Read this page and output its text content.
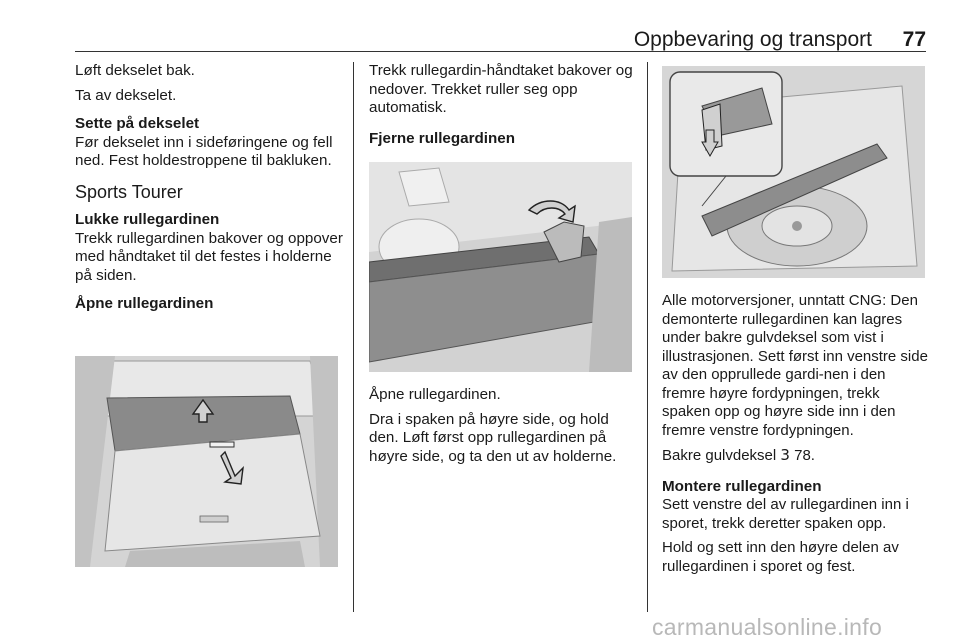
Oppbevaring og transport	77

Løft dekselet bak.

Ta av dekselet.

Sette på dekselet

Før dekselet inn i sideføringene og fell ned. Fest holdestroppene til bakluken.

Sports Tourer
Lukke rullegardinen

Trekk rullegardinen bakover og oppover med håndtaket til det festes i holderne på siden.

Åpne rullegardinen

Trekk rullegardin-håndtaket bakover og nedover. Trekket ruller seg opp automatisk.

Fjerne rullegardinen

Åpne rullegardinen.

Dra i spaken på høyre side, og hold den. Løft først opp rullegardinen på høyre side, og ta den ut av holderne.

Alle motorversjoner, unntatt CNG: Den demonterte rullegardinen kan lagres under bakre gulvdeksel som vist i illustrasjonen. Sett først inn venstre side av den opprullede gardi-nen i den fremre høyre fordypningen, trekk spaken opp og høyre side inn i den fremre venstre fordypningen.

Bakre gulvdeksel 3 78.

Montere rullegardinen

Sett venstre del av rullegardinen inn i sporet, trekk deretter spaken opp.

Hold og sett inn den høyre delen av rullegardinen i sporet og fest.

carmanualsonline.info
